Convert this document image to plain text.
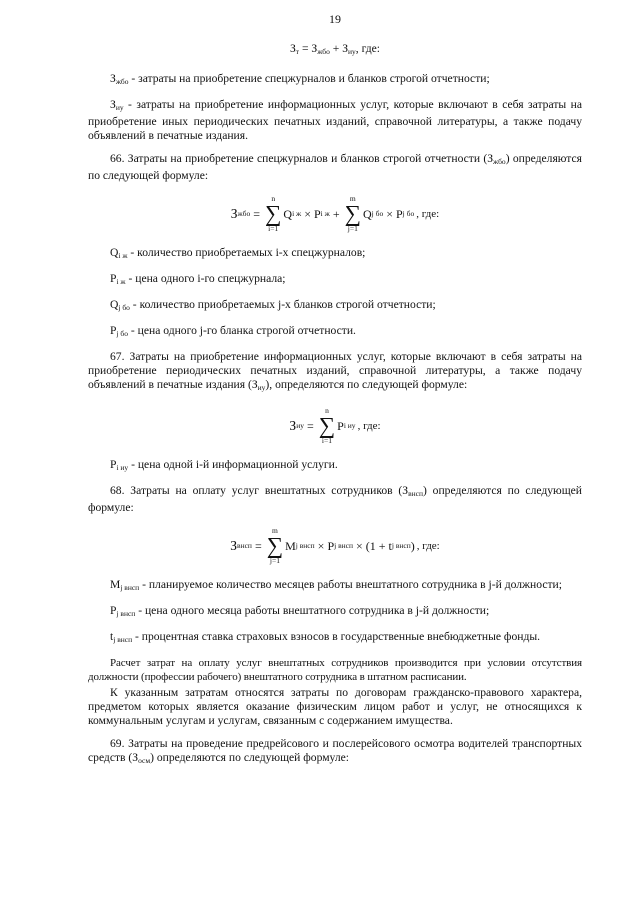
19
$З_т = З_{жбо} + З_{иу}$, где:

$З_{жбо}$ - затраты на приобретение спецжурналов и бланков строгой отчетности;

$З_{иу}$ - затраты на приобретение информационных услуг, которые включают в себя затраты на приобретение иных периодических печатных изданий, справочной литературы, а также подачу объявлений в печатные издания.

66. Затраты на приобретение спецжурналов и бланков строгой отчетности $(З_{жбо})$ определяются по следующей формуле:

З жбо =
n
∑
i=1
Q i ж × P i ж +
m
∑
j=1
Q j бо × P j бо , где:

$Q_{i ж}$ - количество приобретаемых i-х спецжурналов;

$P_{i ж}$ - цена одного i-го спецжурнала;

$Q_{j бо}$ - количество приобретаемых j-х бланков строгой отчетности;

$P_{j бо}$ - цена одного j-го бланка строгой отчетности.

67. Затраты на приобретение информационных услуг, которые включают в себя затраты на приобретение периодических печатных изданий, справочной литературы, а также подачу объявлений в печатные издания $(З_{иу})$, определяются по следующей формуле:

З иу =
n
∑
i=1
P i иу , где:

$P_{i иу}$ - цена одной i-й информационной услуги.

68. Затраты на оплату услуг внештатных сотрудников $(З_{внсп})$ определяются по следующей формуле:

З внсп =
m
∑
j=1
M j внсп × P j внсп × (1 + t j внсп ) , где:

$M_{j внсп}$ - планируемое количество месяцев работы внештатного сотрудника в j-й должности;

$P_{j внсп}$ - цена одного месяца работы внештатного сотрудника в j-й должности;

$t_{j внсп}$ - процентная ставка страховых взносов в государственные внебюджетные фонды.

Расчет затрат на оплату услуг внештатных сотрудников производится при условии отсутствия должности (профессии рабочего) внештатного сотрудника в штатном расписании.

К указанным затратам относятся затраты по договорам гражданско-правового характера, предметом которых является оказание физическим лицом работ и услуг, не относящихся к коммунальным услугам и услугам, связанным с содержанием имущества.

69. Затраты на проведение предрейсового и послерейсового осмотра водителей транспортных средств $(З_{осм})$ определяются по следующей формуле:
